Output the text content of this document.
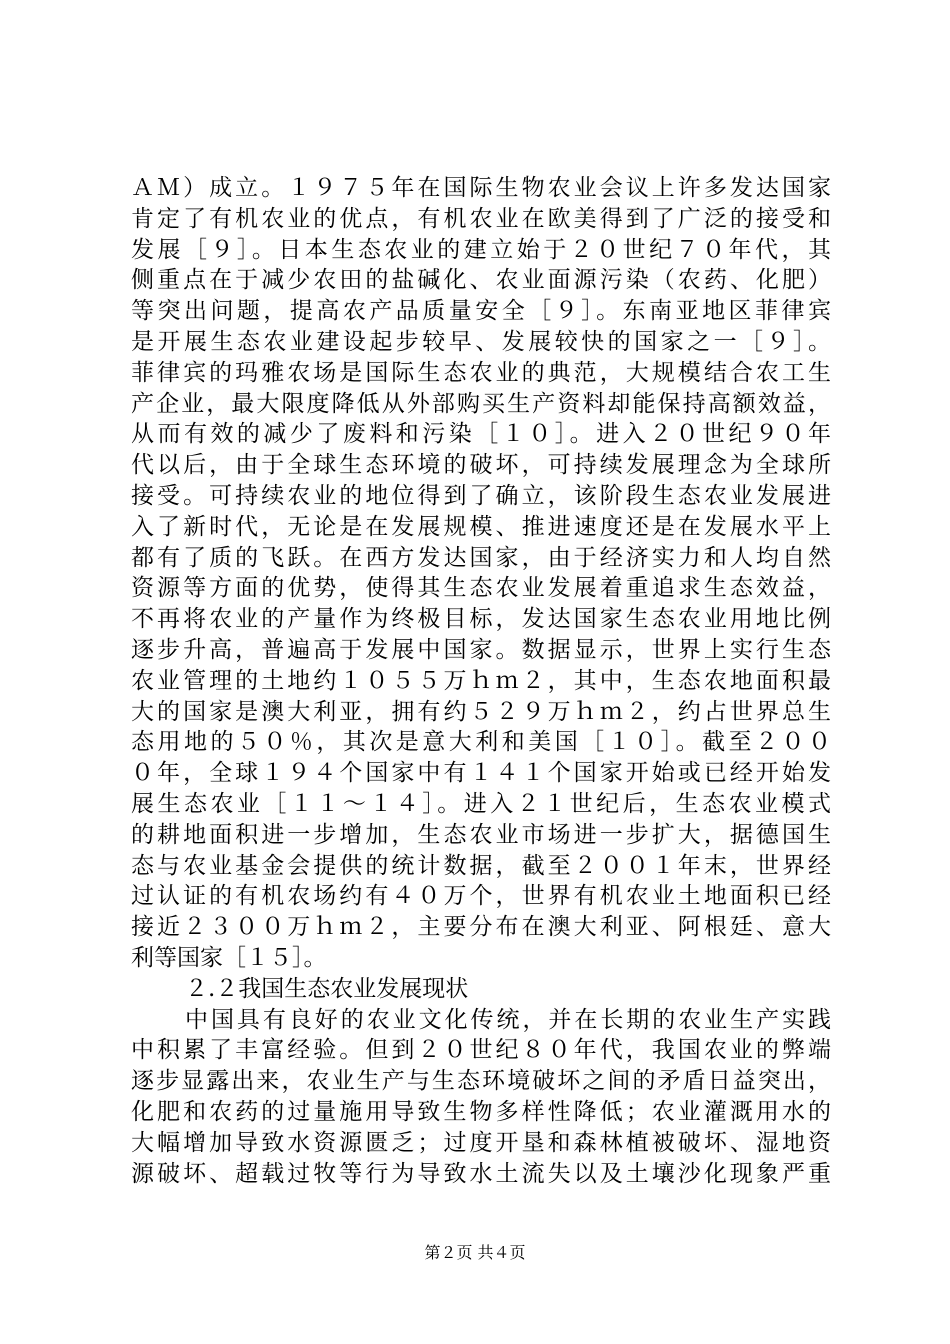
ＡＭ）成立。１９７５年在国际生物农业会议上许多发达国家
肯定了有机农业的优点，有机农业在欧美得到了广泛的接受和
发展［９］。日本生态农业的建立始于２０世纪７０年代，其
侧重点在于减少农田的盐碱化、农业面源污染（农药、化肥）
等突出问题，提高农产品质量安全［９］。东南亚地区菲律宾
是开展生态农业建设起步较早、发展较快的国家之一［９］。
菲律宾的玛雅农场是国际生态农业的典范，大规模结合农工生
产企业，最大限度降低从外部购买生产资料却能保持高额效益，
从而有效的减少了废料和污染［１０］。进入２０世纪９０年
代以后，由于全球生态环境的破坏，可持续发展理念为全球所
接受。可持续农业的地位得到了确立，该阶段生态农业发展进
入了新时代，无论是在发展规模、推进速度还是在发展水平上
都有了质的飞跃。在西方发达国家，由于经济实力和人均自然
资源等方面的优势，使得其生态农业发展着重追求生态效益，
不再将农业的产量作为终极目标，发达国家生态农业用地比例
逐步升高，普遍高于发展中国家。数据显示，世界上实行生态
农业管理的土地约１０５５万ｈｍ２，其中，生态农地面积最
大的国家是澳大利亚，拥有约５２９万ｈｍ２，约占世界总生
态用地的５０％，其次是意大利和美国［１０］。截至２００
０年，全球１９４个国家中有１４１个国家开始或已经开始发
展生态农业［１１～１４］。进入２１世纪后，生态农业模式
的耕地面积进一步增加，生态农业市场进一步扩大，据德国生
态与农业基金会提供的统计数据，截至２００１年末，世界经
过认证的有机农场约有４０万个，世界有机农业土地面积已经
接近２３００万ｈｍ２，主要分布在澳大利亚、阿根廷、意大
利等国家［１５］。
２.２我国生态农业发展现状
中国具有良好的农业文化传统，并在长期的农业生产实践
中积累了丰富经验。但到２０世纪８０年代，我国农业的弊端
逐步显露出来，农业生产与生态环境破坏之间的矛盾日益突出，
化肥和农药的过量施用导致生物多样性降低；农业灌溉用水的
大幅增加导致水资源匮乏；过度开垦和森林植被破坏、湿地资
源破坏、超载过牧等行为导致水土流失以及土壤沙化现象严重
第２页 共４页
